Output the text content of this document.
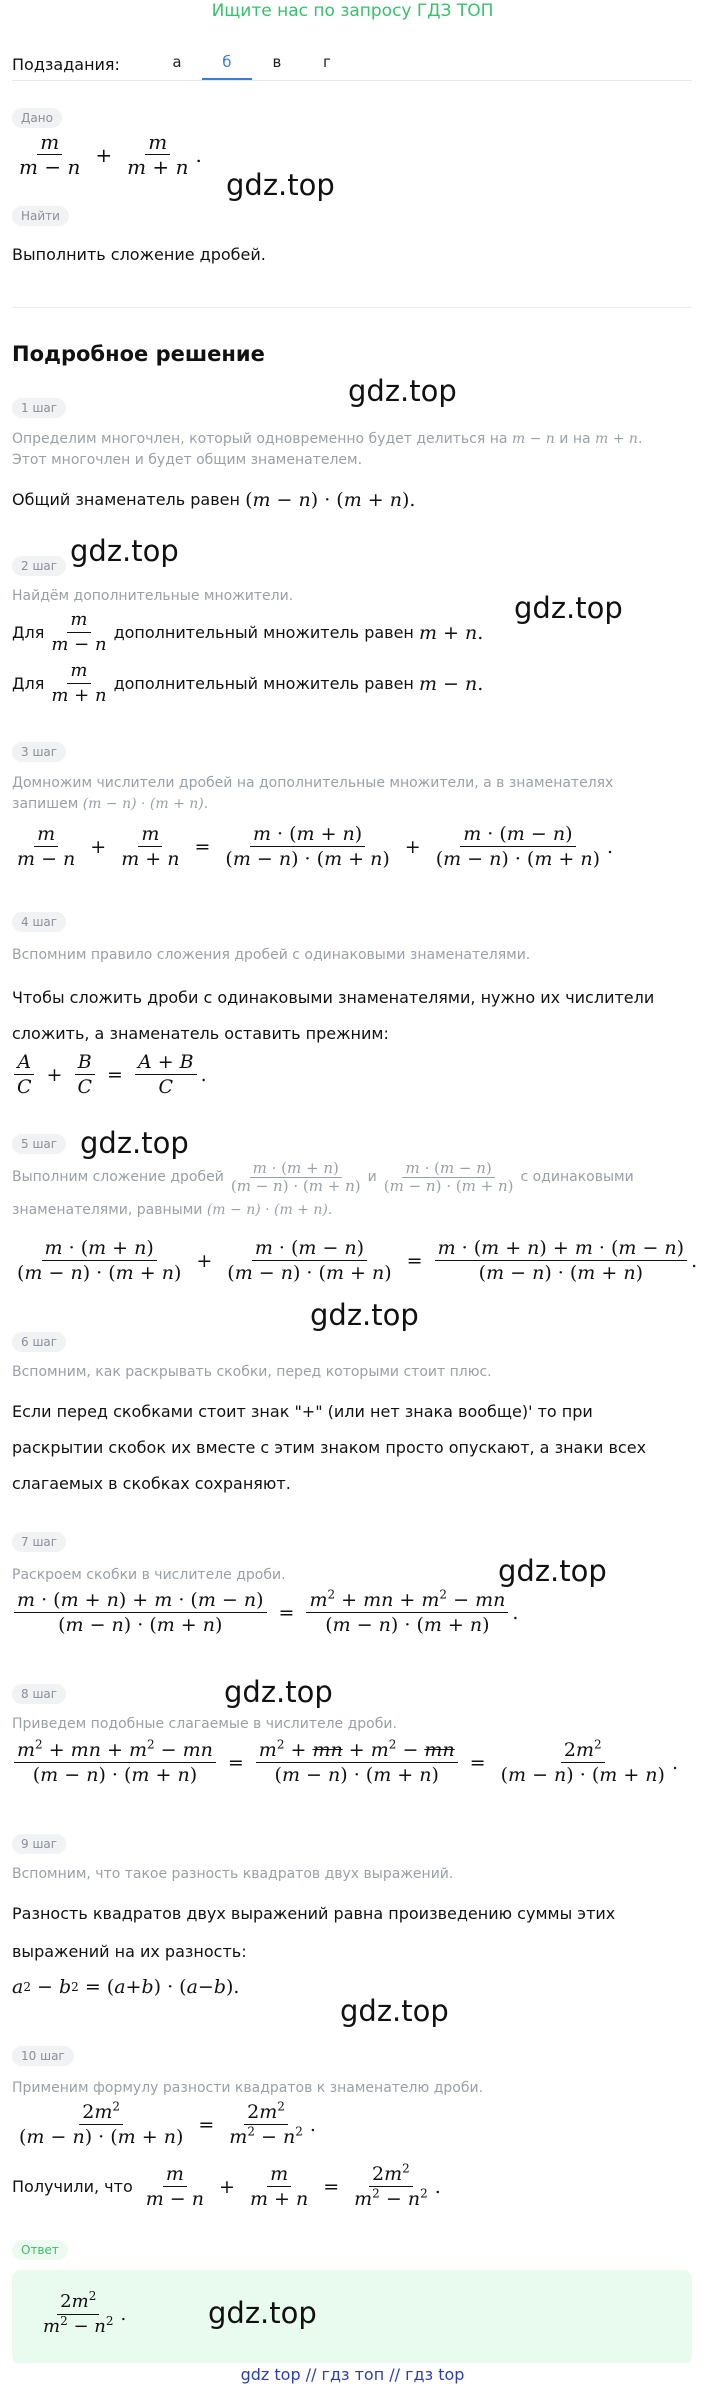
Ищите нас по запросу ГДЗ ТОП
Подзадания:	а	б	в	г
Дано
$\frac{m}{m - n} + \frac{m}{m + n}$ .
Найти
Выполнить сложение дробей.
Подробное решение
1 шаг
Определим многочлен, который одновременно будет делиться на m − n и на m + n.
Этот многочлен и будет общим знаменателем.
Общий знаменатель равен
(m − n) · (m + n).
2 шаг
Найдём дополнительные множители.
Для $\frac{m}{m - n}$ дополнительный множитель равен
m + n.
Для $\frac{m}{m + n}$ дополнительный множитель равен
m − n.
3 шаг
Домножим числители дробей на дополнительные множители, а в знаменателях
запишем (m − n) · (m + n).
$\frac{m}{m - n} + \frac{m}{m + n} = \frac{m \cdot (m + n)}{(m - n) \cdot (m + n)} + \frac{m \cdot (m - n)}{(m - n) \cdot (m + n)}$ .
4 шаг
Вспомним правило сложения дробей с одинаковыми знаменателями.
Чтобы сложить дроби с одинаковыми знаменателями, нужно их числители
сложить, а знаменатель оставить прежним:
$\frac{A}{C} + \frac{B}{C} = \frac{A + B}{C}$ .
5 шаг
Выполним сложение дробей $\frac{m \cdot (m + n)}{(m - n) \cdot (m + n)}$ и $\frac{m \cdot (m - n)}{(m - n) \cdot (m + n)}$ с одинаковыми
знаменателями, равными (m − n) · (m + n).
$\frac{m \cdot (m + n)}{(m - n) \cdot (m + n)} + \frac{m \cdot (m - n)}{(m - n) \cdot (m + n)} = \frac{m \cdot (m + n) + m \cdot (m - n)}{(m - n) \cdot (m + n)}$ .
6 шаг
Вспомним, как раскрывать скобки, перед которыми стоит плюс.
Если перед скобками стоит знак "+" (или нет знака вообще)' то при
раскрытии скобок их вместе с этим знаком просто опускают, а знаки всех
слагаемых в скобках сохраняют.
7 шаг
Раскроем скобки в числителе дроби.
$\frac{m \cdot (m + n) + m \cdot (m - n)}{(m - n) \cdot (m + n)} = \frac{m^2 + mn + m^2 - mn}{(m - n) \cdot (m + n)}$ .
8 шаг
Приведем подобные слагаемые в числителе дроби.
$\frac{m^2 + mn + m^2 - mn}{(m - n) \cdot (m + n)} = \frac{m^2 + mn + m^2 - mn}{(m - n) \cdot (m + n)} = \frac{2m^2}{(m - n) \cdot (m + n)}$ .
9 шаг
Вспомним, что такое разность квадратов двух выражений.
Разность квадратов двух выражений равна произведению суммы этих
выражений на их разность:
a 2 − b 2 = ( a + b ) · ( a − b ).
10 шаг
Применим формулу разности квадратов к знаменателю дроби.
$\frac{2m^2}{(m - n) \cdot (m + n)} = \frac{2m^2}{m^2 - n^2}$ .
Получили, что $\frac{m}{m - n} + \frac{m}{m + n} = \frac{2m^2}{m^2 - n^2}$ .
Ответ
$\frac{2m^2}{m^2 - n^2}$ .
gdz.top
gdz.top
gdz.top
gdz.top
gdz.top
gdz.top
gdz.top
gdz.top
gdz.top
gdz.top
gdz top // гдз топ // гдз top
